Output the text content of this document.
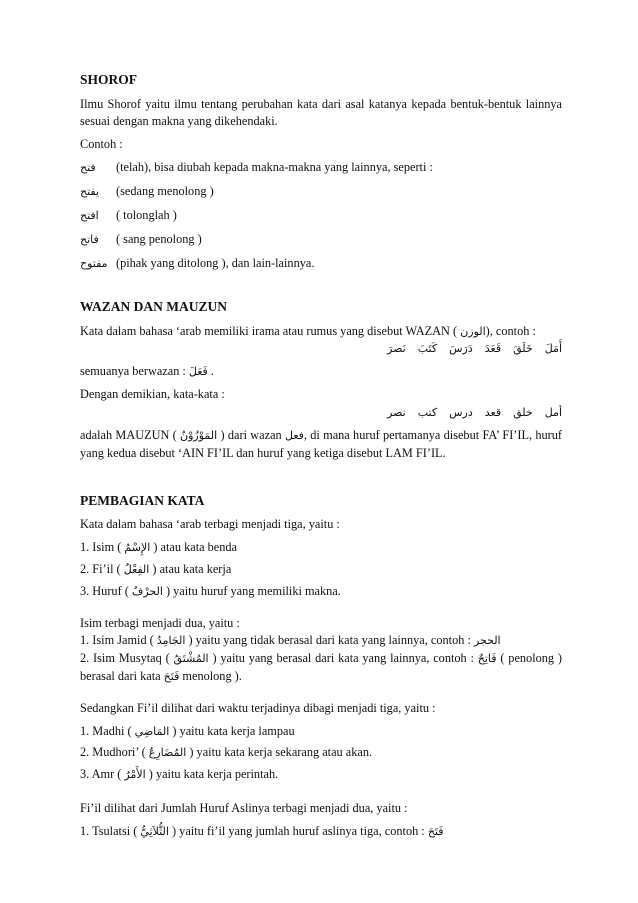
SHOROF

Ilmu Shorof yaitu ilmu tentang perubahan kata dari asal katanya kepada bentuk-bentuk lainnya sesuai dengan makna yang dikehendaki.

Contoh :

فتح	(telah), bisa diubah kepada makna-makna yang lainnya, seperti :
يفتح	(sedang menolong )
افتح	( tolonglah )
فاتح	( sang penolong )
مفتوح (pihak yang ditolong ), dan lain-lainnya.
WAZAN DAN MAUZUN

Kata dalam bahasa ‘arab memiliki irama atau rumus yang disebut WAZAN ( الوزن), contoh :

نَصرَ كَتَبَ دَرَسَ قَعَدَ خَلَقَ أَمَلَ

semuanya berwazan : فَعَلَ .

Dengan demikian, kata-kata :

نصر كتب درس قعد خلق أمل

adalah MAUZUN ( المَوْزُوْنُ ) dari wazan فعل, di mana huruf pertamanya disebut FA’ FI’IL, huruf yang kedua disebut ‘AIN FI’IL dan huruf yang ketiga disebut LAM FI’IL.

PEMBAGIAN KATA

Kata dalam bahasa ‘arab terbagi menjadi tiga, yaitu :

1. Isim ( الإِسْمُ ) atau kata benda
2. Fi’il ( الفِعْلُ ) atau kata kerja
3. Huruf ( الحرْفُ ) yaitu huruf yang memiliki makna.

Isim terbagi menjadi dua, yaitu :

1. Isim Jamid ( الجَامِدُ ) yaitu yang tidak berasal dari kata yang lainnya, contoh : الحجر

2. Isim Musytaq ( المُشْتَقُ ) yaitu yang berasal dari kata yang lainnya, contoh : فَاتِحٌ ( penolong ) berasal dari kata فَتَحَ menolong ).

Sedangkan Fi’il dilihat dari waktu terjadinya dibagi menjadi tiga, yaitu :

1. Madhi ( المَاضِي ) yaitu kata kerja lampau
2. Mudhori’ ( المُضَارِعُ ) yaitu kata kerja sekarang atau akan.
3. Amr ( الأَمْرُ ) yaitu kata kerja perintah.

Fi’il dilihat dari Jumlah Huruf Aslinya terbagi menjadi dua, yaitu :

1. Tsulatsi ( الثُّلاَثِيُّ ) yaitu fi’il yang jumlah huruf aslinya tiga, contoh : فَتَحَ
